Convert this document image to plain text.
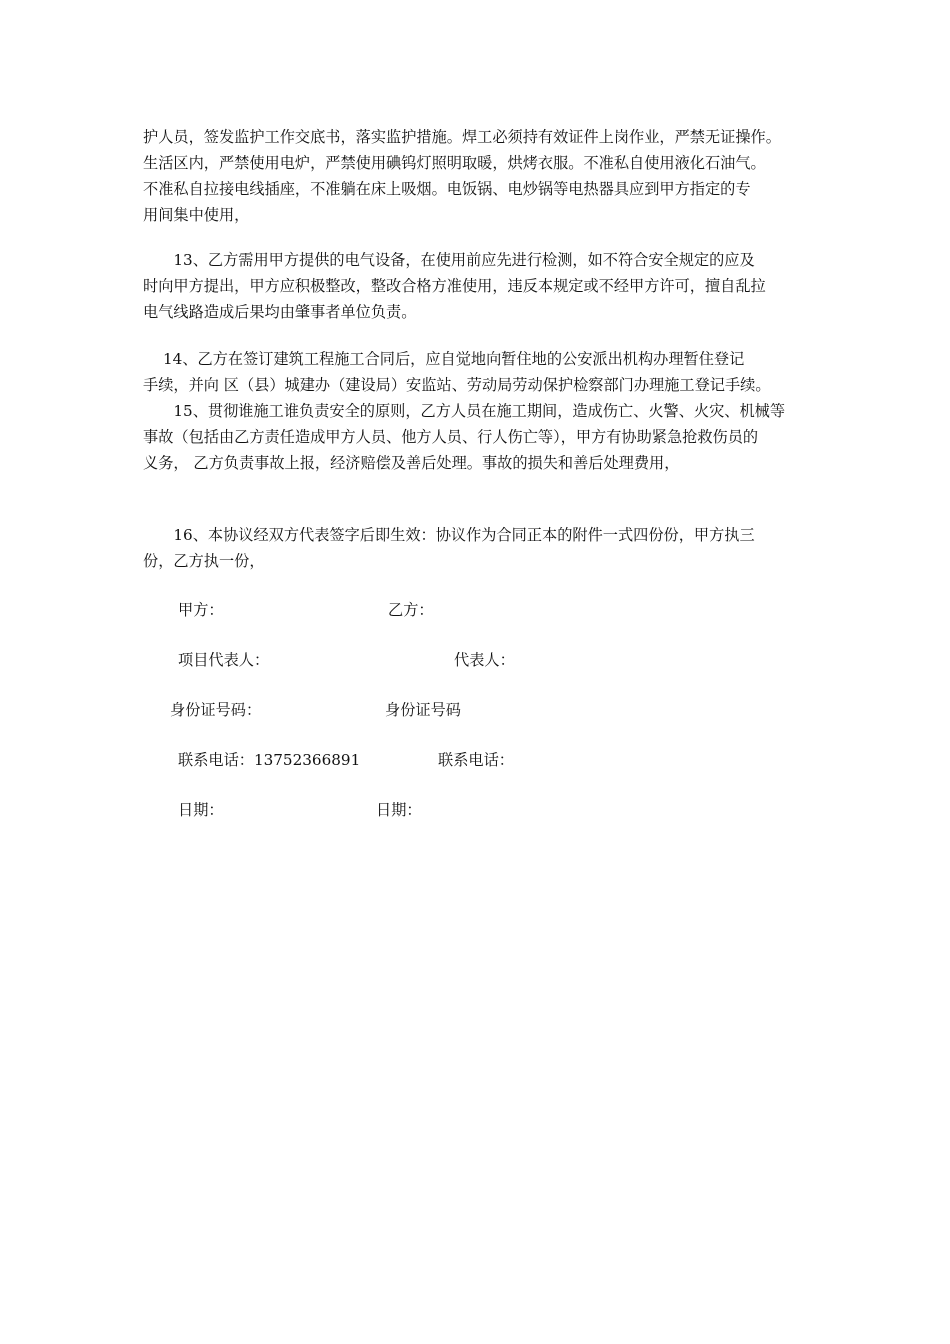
护人员，签发监护工作交底书，落实监护措施。焊工必须持有效证件上岗作业，严禁无证操作。
生活区内，严禁使用电炉，严禁使用碘钨灯照明取暖，烘烤衣服。不准私自使用液化石油气。
不准私自拉接电线插座，不准躺在床上吸烟。电饭锅、电炒锅等电热器具应到甲方指定的专
用间集中使用，
　　13、乙方需用甲方提供的电气设备，在使用前应先进行检测，如不符合安全规定的应及
时向甲方提出，甲方应积极整改，整改合格方准使用，违反本规定或不经甲方许可，擅自乱拉
电气线路造成后果均由肇事者单位负责。
　 14、乙方在签订建筑工程施工合同后，应自觉地向暂住地的公安派出机构办理暂住登记
手续，并向 区（县）城建办（建设局）安监站、劳动局劳动保护检察部门办理施工登记手续。
　　15、贯彻谁施工谁负责安全的原则，乙方人员在施工期间，造成伤亡、火警、火灾、机械等
事故（包括由乙方责任造成甲方人员、他方人员、行人伤亡等），甲方有协助紧急抢救伤员的
义务， 乙方负责事故上报，经济赔偿及善后处理。事故的损失和善后处理费用，
　　16、本协议经双方代表签字后即生效：协议作为合同正本的附件一式四份份，甲方执三
份，乙方执一份，
甲方：	乙方：
项目代表人：	代表人：
身份证号码：	身份证号码
联系电话：13752366891	联系电话：
日期：	日期：
